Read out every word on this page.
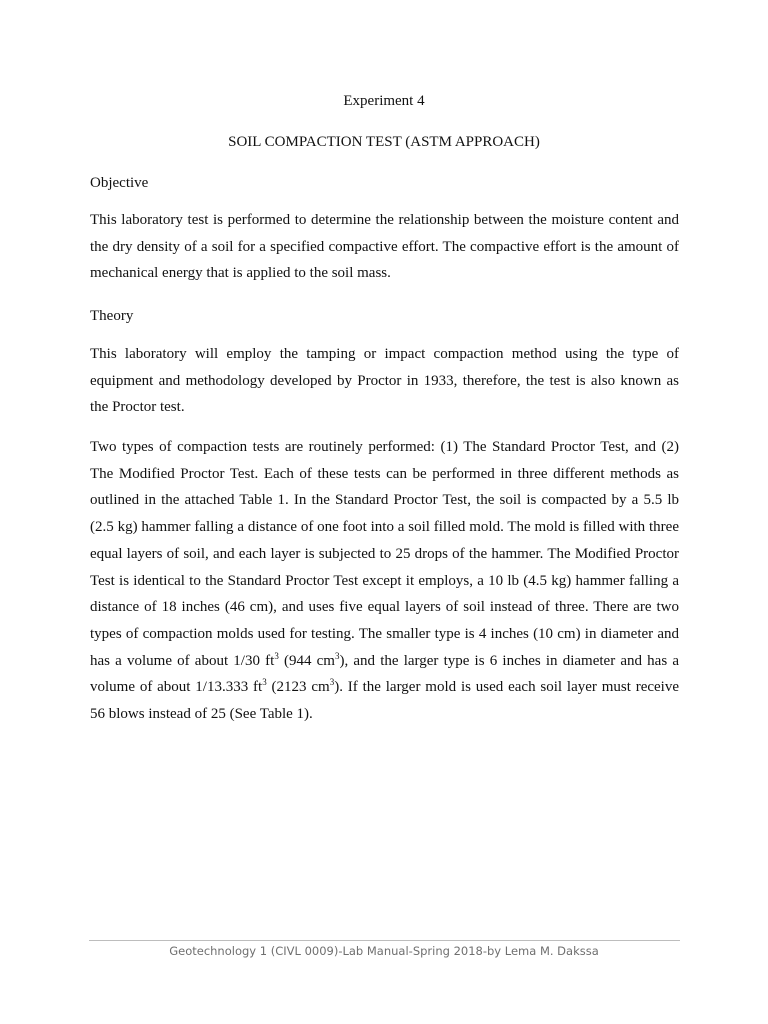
Experiment 4
SOIL COMPACTION TEST (ASTM APPROACH)
Objective
This laboratory test is performed to determine the relationship between the moisture content and the dry density of a soil for a specified compactive effort. The compactive effort is the amount of mechanical energy that is applied to the soil mass.
Theory
This laboratory will employ the tamping or impact compaction method using the type of equipment and methodology developed by Proctor in 1933, therefore, the test is also known as the Proctor test.
Two types of compaction tests are routinely performed: (1) The Standard Proctor Test, and (2) The Modified Proctor Test. Each of these tests can be performed in three different methods as outlined in the attached Table 1. In the Standard Proctor Test, the soil is compacted by a 5.5 lb (2.5 kg) hammer falling a distance of one foot into a soil filled mold. The mold is filled with three equal layers of soil, and each layer is subjected to 25 drops of the hammer. The Modified Proctor Test is identical to the Standard Proctor Test except it employs, a 10 lb (4.5 kg) hammer falling a distance of 18 inches (46 cm), and uses five equal layers of soil instead of three. There are two types of compaction molds used for testing. The smaller type is 4 inches (10 cm) in diameter and has a volume of about 1/30 $ft^3$ (944 $cm^3$), and the larger type is 6 inches in diameter and has a volume of about 1/13.333 $ft^3$ (2123 $cm^3$). If the larger mold is used each soil layer must receive 56 blows instead of 25 (See Table 1).
Geotechnology 1 (CIVL 0009)-Lab Manual-Spring 2018-by Lema M. Dakssa
